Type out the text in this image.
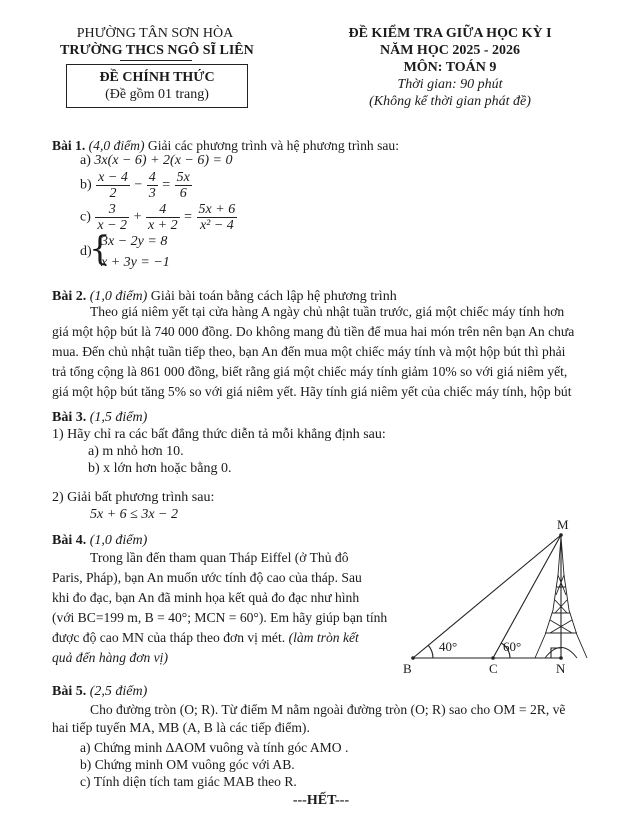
PHƯỜNG TÂN SƠN HÒA
TRƯỜNG THCS NGÔ SĨ LIÊN
ĐỀ CHÍNH THỨC
(Đề gồm 01 trang)
ĐỀ KIỂM TRA GIỮA HỌC KỲ I
NĂM HỌC 2025 - 2026
MÔN: TOÁN 9
Thời gian: 90 phút
(Không kể thời gian phát đề)
Bài 1. (4,0 điểm) Giải các phương trình và hệ phương trình sau:
a) 3x(x − 6) + 2(x − 6) = 0
$b) \frac{x - 4}{2} - \frac{4}{3} = \frac{5x}{6}$
$c) \frac{3}{x - 2} + \frac{4}{x + 2} = \frac{5x + 6}{\text{x² − 4}}$
d)
{
3x − 2y = 8
x + 3y = −1
Bài 2. (1,0 điểm) Giải bài toán bằng cách lập hệ phương trình
Theo giá niêm yết tại cửa hàng A ngày chủ nhật tuần trước, giá một chiếc máy tính hơn
giá một hộp bút là 740 000 đồng. Do không mang đủ tiền để mua hai món trên nên bạn An chưa
mua. Đến chủ nhật tuần tiếp theo, bạn An đến mua một chiếc máy tính và một hộp bút thì phải
trả tổng cộng là 861 000 đồng, biết rằng giá một chiếc máy tính giảm 10% so với giá niêm yết,
giá một hộp bút tăng 5% so với giá niêm yết. Hãy tính giá niêm yết của chiếc máy tính, hộp bút
Bài 3. (1,5 điểm)
1) Hãy chỉ ra các bất đẳng thức diễn tả mỗi khẳng định sau:
a) m nhỏ hơn 10.
b) x lớn hơn hoặc bằng 0.
2) Giải bất phương trình sau:
5x + 6 ≤ 3x − 2
Bài 4. (1,0 điểm)
Trong lần đến tham quan Tháp Eiffel (ở Thủ đô
Paris, Pháp), bạn An muốn ước tính độ cao của tháp. Sau
khi đo đạc, bạn An đã minh họa kết quả đo đạc như hình
(với BC=199 m, B = 40°; MCN = 60°). Em hãy giúp bạn tính
được độ cao MN của tháp theo đơn vị mét. (làm tròn kết
quả đến hàng đơn vị)
M
B	C	N
40°	60°
Bài 5. (2,5 điểm)
Cho đường tròn (O; R). Từ điểm M nằm ngoài đường tròn (O; R) sao cho OM = 2R, vẽ
hai tiếp tuyến MA, MB (A, B là các tiếp điểm).
a) Chứng minh ΔAOM vuông và tính góc AMO .
b) Chứng minh OM vuông góc với AB.
c) Tính diện tích tam giác MAB theo R.
---HẾT---
